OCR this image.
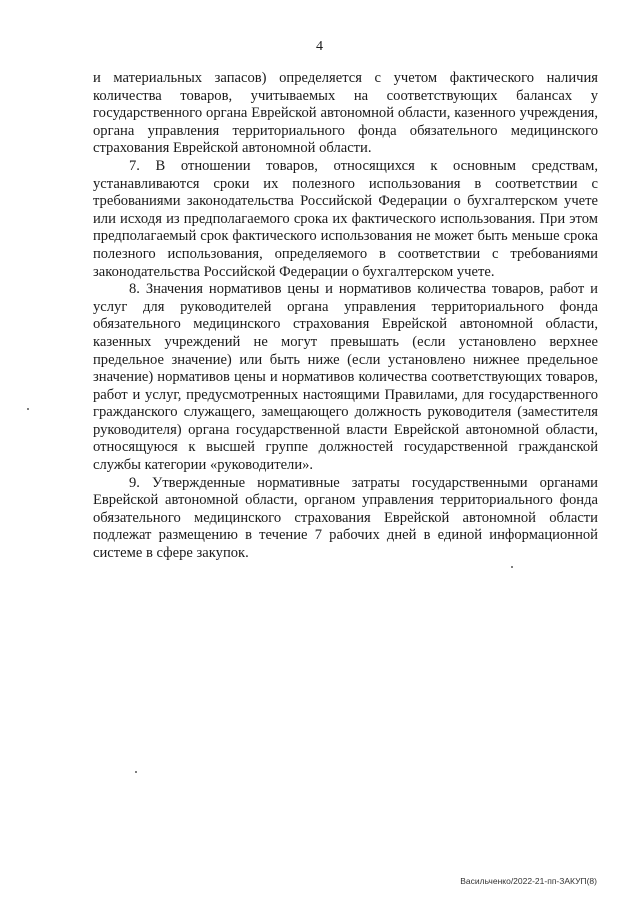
4

и материальных запасов) определяется с учетом фактического наличия количества товаров, учитываемых на соответствующих балансах у государственного органа Еврейской автономной области, казенного учреждения, органа управления территориального фонда обязательного медицинского страхования Еврейской автономной области.

7. В отношении товаров, относящихся к основным средствам, устанавливаются сроки их полезного использования в соответствии с требованиями законодательства Российской Федерации о бухгалтерском учете или исходя из предполагаемого срока их фактического использования. При этом предполагаемый срок фактического использования не может быть меньше срока полезного использования, определяемого в соответствии с требованиями законодательства Российской Федерации о бухгалтерском учете.

8. Значения нормативов цены и нормативов количества товаров, работ и услуг для руководителей органа управления территориального фонда обязательного медицинского страхования Еврейской автономной области, казенных учреждений не могут превышать (если установлено верхнее предельное значение) или быть ниже (если установлено нижнее предельное значение) нормативов цены и нормативов количества соответствующих товаров, работ и услуг, предусмотренных настоящими Правилами, для государственного гражданского служащего, замещающего должность руководителя (заместителя руководителя) органа государственной власти Еврейской автономной области, относящуюся к высшей группе должностей государственной гражданской службы категории «руководители».

9. Утвержденные нормативные затраты государственными органами Еврейской автономной области, органом управления территориального фонда обязательного медицинского страхования Еврейской автономной области подлежат размещению в течение 7 рабочих дней в единой информационной системе в сфере закупок.

Васильченко/2022-21-пп-ЗАКУП(8)
